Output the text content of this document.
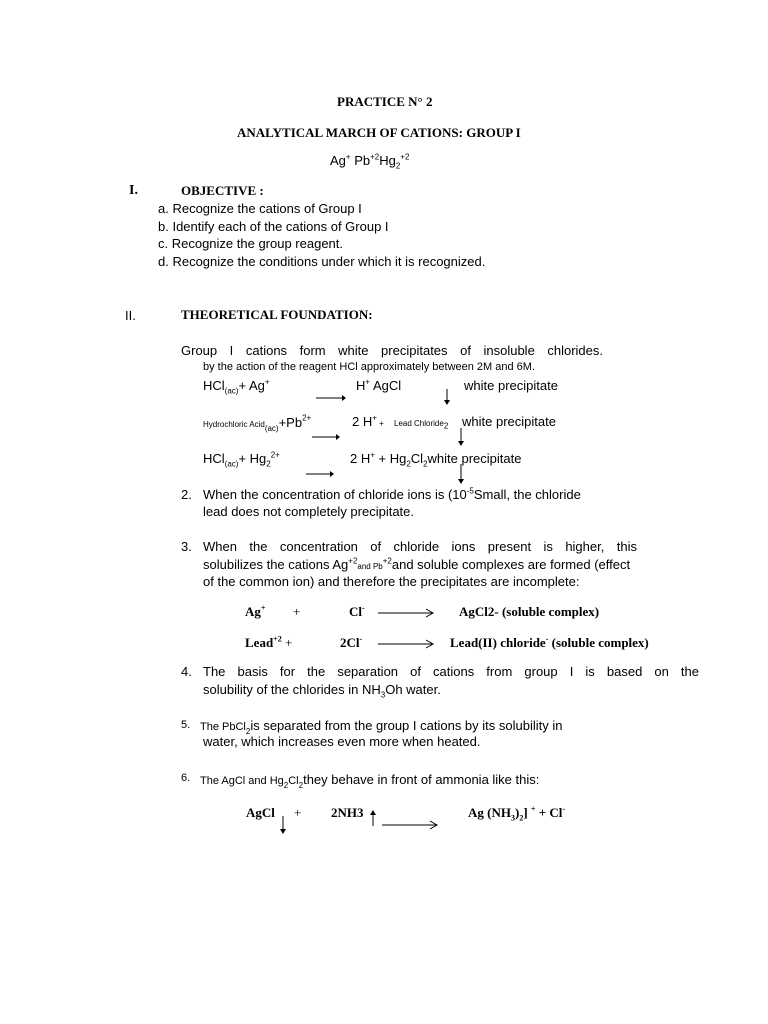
PRACTICE N° 2
ANALYTICAL MARCH OF CATIONS: GROUP I
Ag+ $Pb^{+2}Hg_2^{+2}$
I.	OBJECTIVE :
a. Recognize the cations of Group I
b. Identify each of the cations of Group I
c. Recognize the group reagent.
d. Recognize the conditions under which it is recognized.
II.	THEORETICAL FOUNDATION:
Group I cations form white precipitates of insoluble chlorides.
by the action of the reagent HCl approximately between 2M and 6M.
HCl$_{(ac)}$+ Ag+	H+ AgCl	white precipitate
Hydrochloric $Acid_{(ac)}+Pb^{2+}$	2 H+ + Lead Chloride$_2$ white precipitate
$HCl_{(ac)}+ Hg_2^{2+}$	2 $H^+ + Hg_2Cl_2white$ precipitate
2. When the concentration of chloride ions is ($10^{-5}Small$, the chloride
lead does not completely precipitate.
3. When the concentration of chloride ions present is higher, this
solubilizes the cations $Ag^{+2}and$ $Pb^{+2}and$ soluble complexes are formed (effect
of the common ion) and therefore the precipitates are incomplete:
Ag+ +	Cl- → AgCl2- (soluble complex)
Lead$^{+2}$ +	2Cl- → Lead(II) chloride- (soluble complex)
4. The basis for the separation of cations from group I is based on the
solubility of the chlorides in $NH_3Oh$ water.
5. The PbCl$_2$is separated from the group I cations by its solubility in
water, which increases even more when heated.
6. The AgCl and $Hg_2Cl_2they$ behave in front of ammonia like this:
AgCl + 2NH3	Ag $(NH_3)_2$] + + Cl-
